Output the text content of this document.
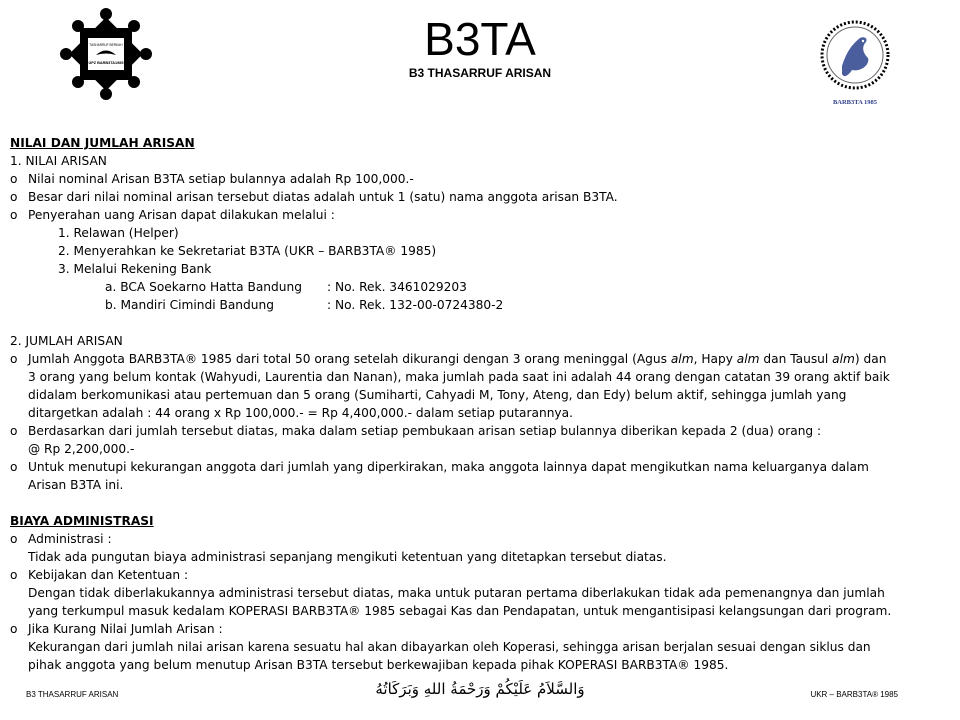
TASHARRUF BERKAH
UPZ BARB3TA1985	B3TA
B3 THASARRUF ARISAN
BARB3TA 1985
NILAI DAN JUMLAH ARISAN
1. NILAI ARISAN
o Nilai nominal Arisan B3TA setiap bulannya adalah Rp 100,000.-
o Besar dari nilai nominal arisan tersebut diatas adalah untuk 1 (satu) nama anggota arisan B3TA.
o Penyerahan uang Arisan dapat dilakukan melalui :
1. Relawan (Helper)
2. Menyerahkan ke Sekretariat B3TA (UKR – BARB3TA® 1985)
3. Melalui Rekening Bank
a. BCA Soekarno Hatta Bandung : No. Rek. 3461029203
b. Mandiri Cimindi Bandung	: No. Rek. 132-00-0724380-2
2. JUMLAH ARISAN
o Jumlah Anggota BARB3TA® 1985 dari total 50 orang setelah dikurangi dengan 3 orang meninggal (Agus alm, Hapy alm dan Tausul alm) dan
3 orang yang belum kontak (Wahyudi, Laurentia dan Nanan), maka jumlah pada saat ini adalah 44 orang dengan catatan 39 orang aktif baik
didalam berkomunikasi atau pertemuan dan 5 orang (Sumiharti, Cahyadi M, Tony, Ateng, dan Edy) belum aktif, sehingga jumlah yang
ditargetkan adalah : 44 orang x Rp 100,000.- = Rp 4,400,000.- dalam setiap putarannya.
o Berdasarkan dari jumlah tersebut diatas, maka dalam setiap pembukaan arisan setiap bulannya diberikan kepada 2 (dua) orang :
@ Rp 2,200,000.-
o Untuk menutupi kekurangan anggota dari jumlah yang diperkirakan, maka anggota lainnya dapat mengikutkan nama keluarganya dalam
Arisan B3TA ini.
BIAYA ADMINISTRASI
o Administrasi :
Tidak ada pungutan biaya administrasi sepanjang mengikuti ketentuan yang ditetapkan tersebut diatas.
o Kebijakan dan Ketentuan :
Dengan tidak diberlakukannya administrasi tersebut diatas, maka untuk putaran pertama diberlakukan tidak ada pemenangnya dan jumlah
yang terkumpul masuk kedalam KOPERASI BARB3TA® 1985 sebagai Kas dan Pendapatan, untuk mengantisipasi kelangsungan dari program.
o Jika Kurang Nilai Jumlah Arisan :
Kekurangan dari jumlah nilai arisan karena sesuatu hal akan dibayarkan oleh Koperasi, sehingga arisan berjalan sesuai dengan siklus dan
pihak anggota yang belum menutup Arisan B3TA tersebut berkewajiban kepada pihak KOPERASI BARB3TA® 1985.
B3 THASARRUF ARISAN	وَالسَّلاَمُ عَلَيْكُمْ وَرَحْمَةُ اللهِ وَبَرَكَاتُهُ	UKR – BARB3TA® 1985
